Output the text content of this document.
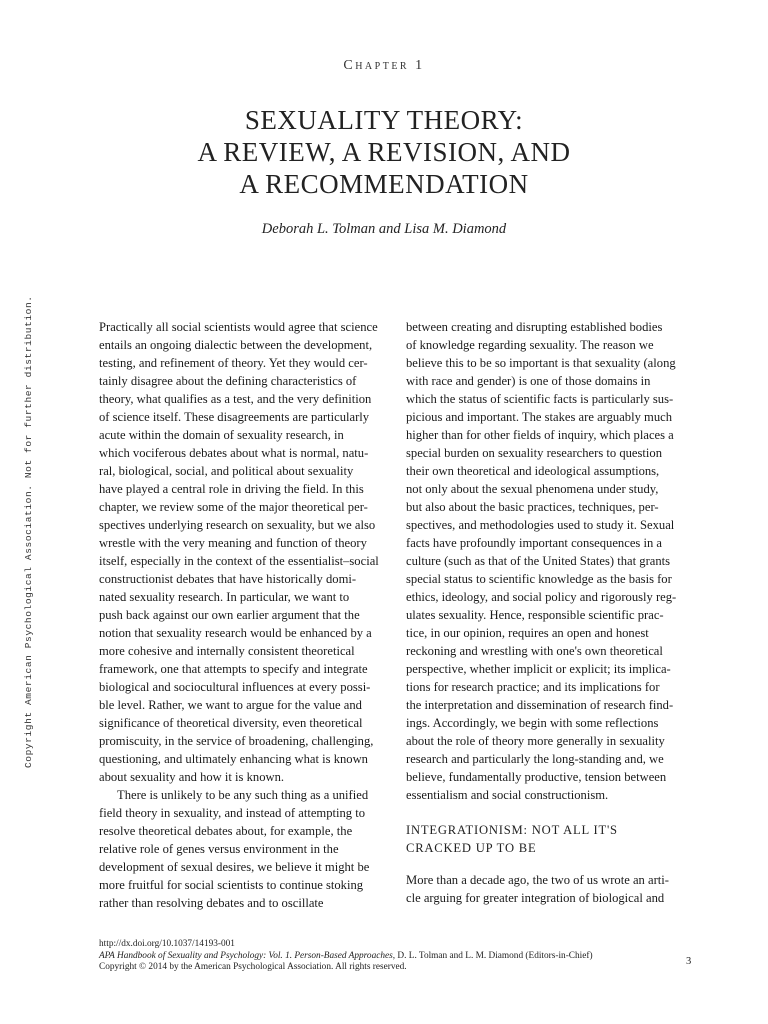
Chapter 1
SEXUALITY THEORY:
A REVIEW, A REVISION, AND
A RECOMMENDATION
Deborah L. Tolman and Lisa M. Diamond
Copyright American Psychological Association. Not for further distribution.	Practically all social scientists would agree that science
entails an ongoing dialectic between the development,
testing, and refinement of theory. Yet they would cer-
tainly disagree about the defining characteristics of
theory, what qualifies as a test, and the very definition
of science itself. These disagreements are particularly
acute within the domain of sexuality research, in
which vociferous debates about what is normal, natu-
ral, biological, social, and political about sexuality
have played a central role in driving the field. In this
chapter, we review some of the major theoretical per-
spectives underlying research on sexuality, but we also
wrestle with the very meaning and function of theory
itself, especially in the context of the essentialist–social
constructionist debates that have historically domi-
nated sexuality research. In particular, we want to
push back against our own earlier argument that the
notion that sexuality research would be enhanced by a
more cohesive and internally consistent theoretical
framework, one that attempts to specify and integrate
biological and sociocultural influences at every possi-
ble level. Rather, we want to argue for the value and
significance of theoretical diversity, even theoretical
promiscuity, in the service of broadening, challenging,
questioning, and ultimately enhancing what is known
about sexuality and how it is known.
There is unlikely to be any such thing as a unified
field theory in sexuality, and instead of attempting to
resolve theoretical debates about, for example, the
relative role of genes versus environment in the
development of sexual desires, we believe it might be
more fruitful for social scientists to continue stoking
rather than resolving debates and to oscillate
between creating and disrupting established bodies
of knowledge regarding sexuality. The reason we
believe this to be so important is that sexuality (along
with race and gender) is one of those domains in
which the status of scientific facts is particularly sus-
picious and important. The stakes are arguably much
higher than for other fields of inquiry, which places a
special burden on sexuality researchers to question
their own theoretical and ideological assumptions,
not only about the sexual phenomena under study,
but also about the basic practices, techniques, per-
spectives, and methodologies used to study it. Sexual
facts have profoundly important consequences in a
culture (such as that of the United States) that grants
special status to scientific knowledge as the basis for
ethics, ideology, and social policy and rigorously reg-
ulates sexuality. Hence, responsible scientific prac-
tice, in our opinion, requires an open and honest
reckoning and wrestling with one's own theoretical
perspective, whether implicit or explicit; its implica-
tions for research practice; and its implications for
the interpretation and dissemination of research find-
ings. Accordingly, we begin with some reflections
about the role of theory more generally in sexuality
research and particularly the long-standing and, we
believe, fundamentally productive, tension between
essentialism and social constructionism.
INTEGRATIONISM: NOT ALL IT'S
CRACKED UP TO BE
More than a decade ago, the two of us wrote an arti-
cle arguing for greater integration of biological and
http://dx.doi.org/10.1037/14193-001
APA Handbook of Sexuality and Psychology: Vol. 1. Person-Based Approaches, D. L. Tolman and L. M. Diamond (Editors-in-Chief)
Copyright © 2014 by the American Psychological Association. All rights reserved.	3
